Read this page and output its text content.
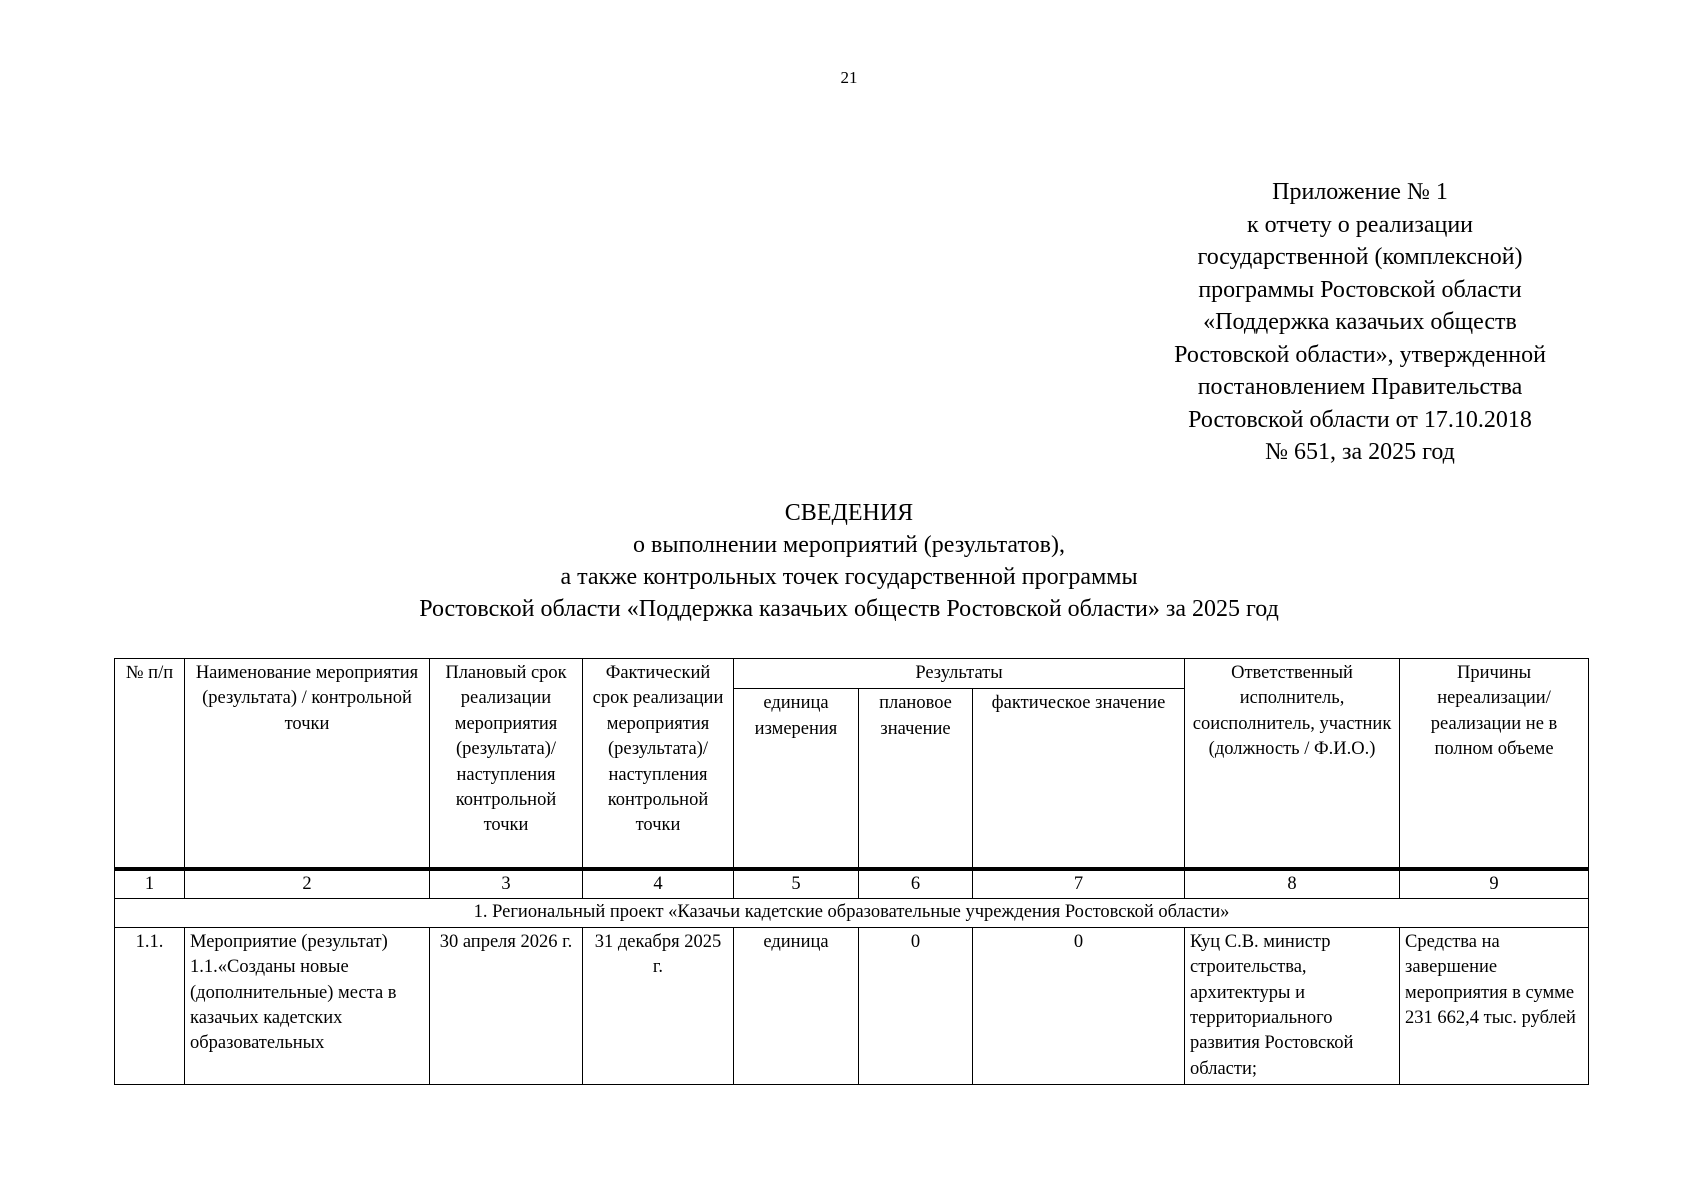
21
Приложение № 1
к отчету о реализации
государственной (комплексной)
программы Ростовской области
«Поддержка казачьих обществ
Ростовской области», утвержденной
постановлением Правительства
Ростовской области от 17.10.2018
№ 651, за 2025 год
СВЕДЕНИЯ
о выполнении мероприятий (результатов),
а также контрольных точек государственной программы
Ростовской области «Поддержка казачьих обществ Ростовской области» за 2025 год
№ п/п	Наименование мероприятия (результата) / контрольной точки	Плановый срок реализации мероприятия (результата)/ наступления контрольной точки	Фактический срок реализации мероприятия (результата)/ наступления контрольной точки	Результаты			Ответственный исполнитель, соисполнитель, участник (должность / Ф.И.О.)	Причины нереализации/ реализации не в полном объеме
				единица измерения	плановое значение	фактическое значение		
1	2	3	4	5	6	7	8	9
1. Региональный проект «Казачьи кадетские образовательные учреждения Ростовской области»								
1.1.	Мероприятие (результат) 1.1.«Созданы новые (дополнительные) места в казачьих кадетских образовательных	30 апреля 2026 г.	31 декабря 2025 г.	единица	0	0	Куц С.В. министр строительства, архитектуры и территориального развития Ростовской области;	Средства на завершение мероприятия в сумме 231 662,4 тыс. рублей
